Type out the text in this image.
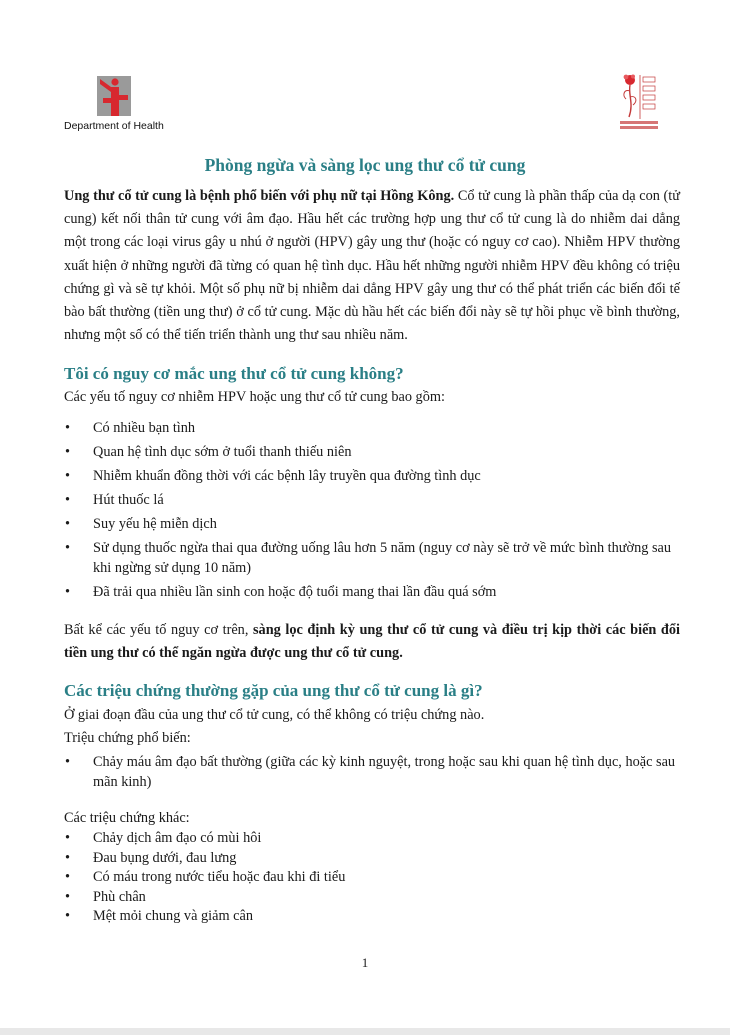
Department of Health
Phòng ngừa và sàng lọc ung thư cổ tử cung

Ung thư cổ tử cung là bệnh phổ biến với phụ nữ tại Hồng Kông. Cổ tử cung là phần thấp của dạ con (tử cung) kết nối thân tử cung với âm đạo. Hầu hết các trường hợp ung thư cổ tử cung là do nhiễm dai dẳng một trong các loại virus gây u nhú ở người (HPV) gây ung thư (hoặc có nguy cơ cao). Nhiễm HPV thường xuất hiện ở những người đã từng có quan hệ tình dục. Hầu hết những người nhiễm HPV đều không có triệu chứng gì và sẽ tự khỏi. Một số phụ nữ bị nhiễm dai dẳng HPV gây ung thư có thể phát triển các biến đổi tế bào bất thường (tiền ung thư) ở cổ tử cung. Mặc dù hầu hết các biến đổi này sẽ tự hồi phục về bình thường, nhưng một số có thể tiến triển thành ung thư sau nhiều năm.

Tôi có nguy cơ mắc ung thư cổ tử cung không?

Các yếu tố nguy cơ nhiễm HPV hoặc ung thư cổ tử cung bao gồm:

• Có nhiều bạn tình
• Quan hệ tình dục sớm ở tuổi thanh thiếu niên
• Nhiễm khuẩn đồng thời với các bệnh lây truyền qua đường tình dục
• Hút thuốc lá
• Suy yếu hệ miễn dịch
• Sử dụng thuốc ngừa thai qua đường uống lâu hơn 5 năm (nguy cơ này sẽ trở về mức bình thường sau khi ngừng sử dụng 10 năm)
• Đã trải qua nhiều lần sinh con hoặc độ tuổi mang thai lần đầu quá sớm

Bất kể các yếu tố nguy cơ trên, sàng lọc định kỳ ung thư cổ tử cung và điều trị kịp thời các biến đổi tiền ung thư có thể ngăn ngừa được ung thư cổ tử cung.

Các triệu chứng thường gặp của ung thư cổ tử cung là gì?

Ở giai đoạn đầu của ung thư cổ tử cung, có thể không có triệu chứng nào.

Triệu chứng phổ biến:

• Chảy máu âm đạo bất thường (giữa các kỳ kinh nguyệt, trong hoặc sau khi quan hệ tình dục, hoặc sau mãn kinh)

Các triệu chứng khác:

• Chảy dịch âm đạo có mùi hôi
• Đau bụng dưới, đau lưng
• Có máu trong nước tiểu hoặc đau khi đi tiểu
• Phù chân
• Mệt mỏi chung và giảm cân

1
